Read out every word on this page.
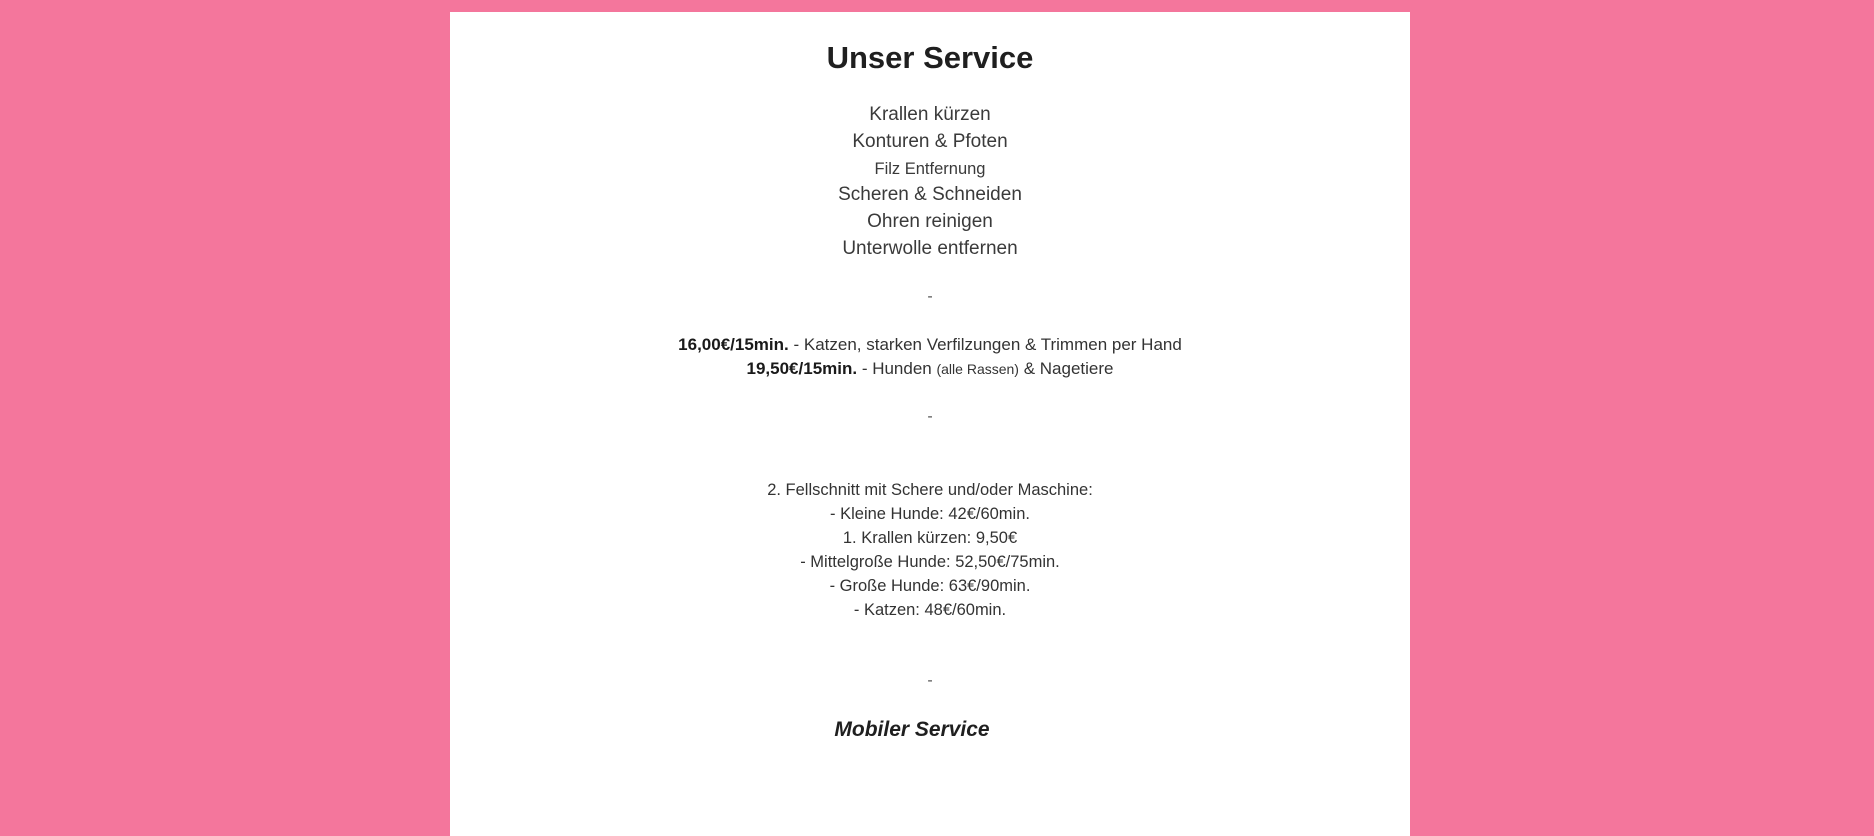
Unser Service

Krallen kürzen

Konturen & Pfoten

Filz Entfernung

Scheren & Schneiden

Ohren reinigen

Unterwolle entfernen

-

16,00€/15min. - Katzen, starken Verfilzungen & Trimmen per Hand

19,50€/15min. - Hunden (alle Rassen) & Nagetiere

-

2. Fellschnitt mit Schere und/oder Maschine:

- Kleine Hunde: 42€/60min.

1. Krallen kürzen: 9,50€

- Mittelgroße Hunde: 52,50€/75min.

- Große Hunde: 63€/90min.

- Katzen: 48€/60min.

-

Mobiler Service
